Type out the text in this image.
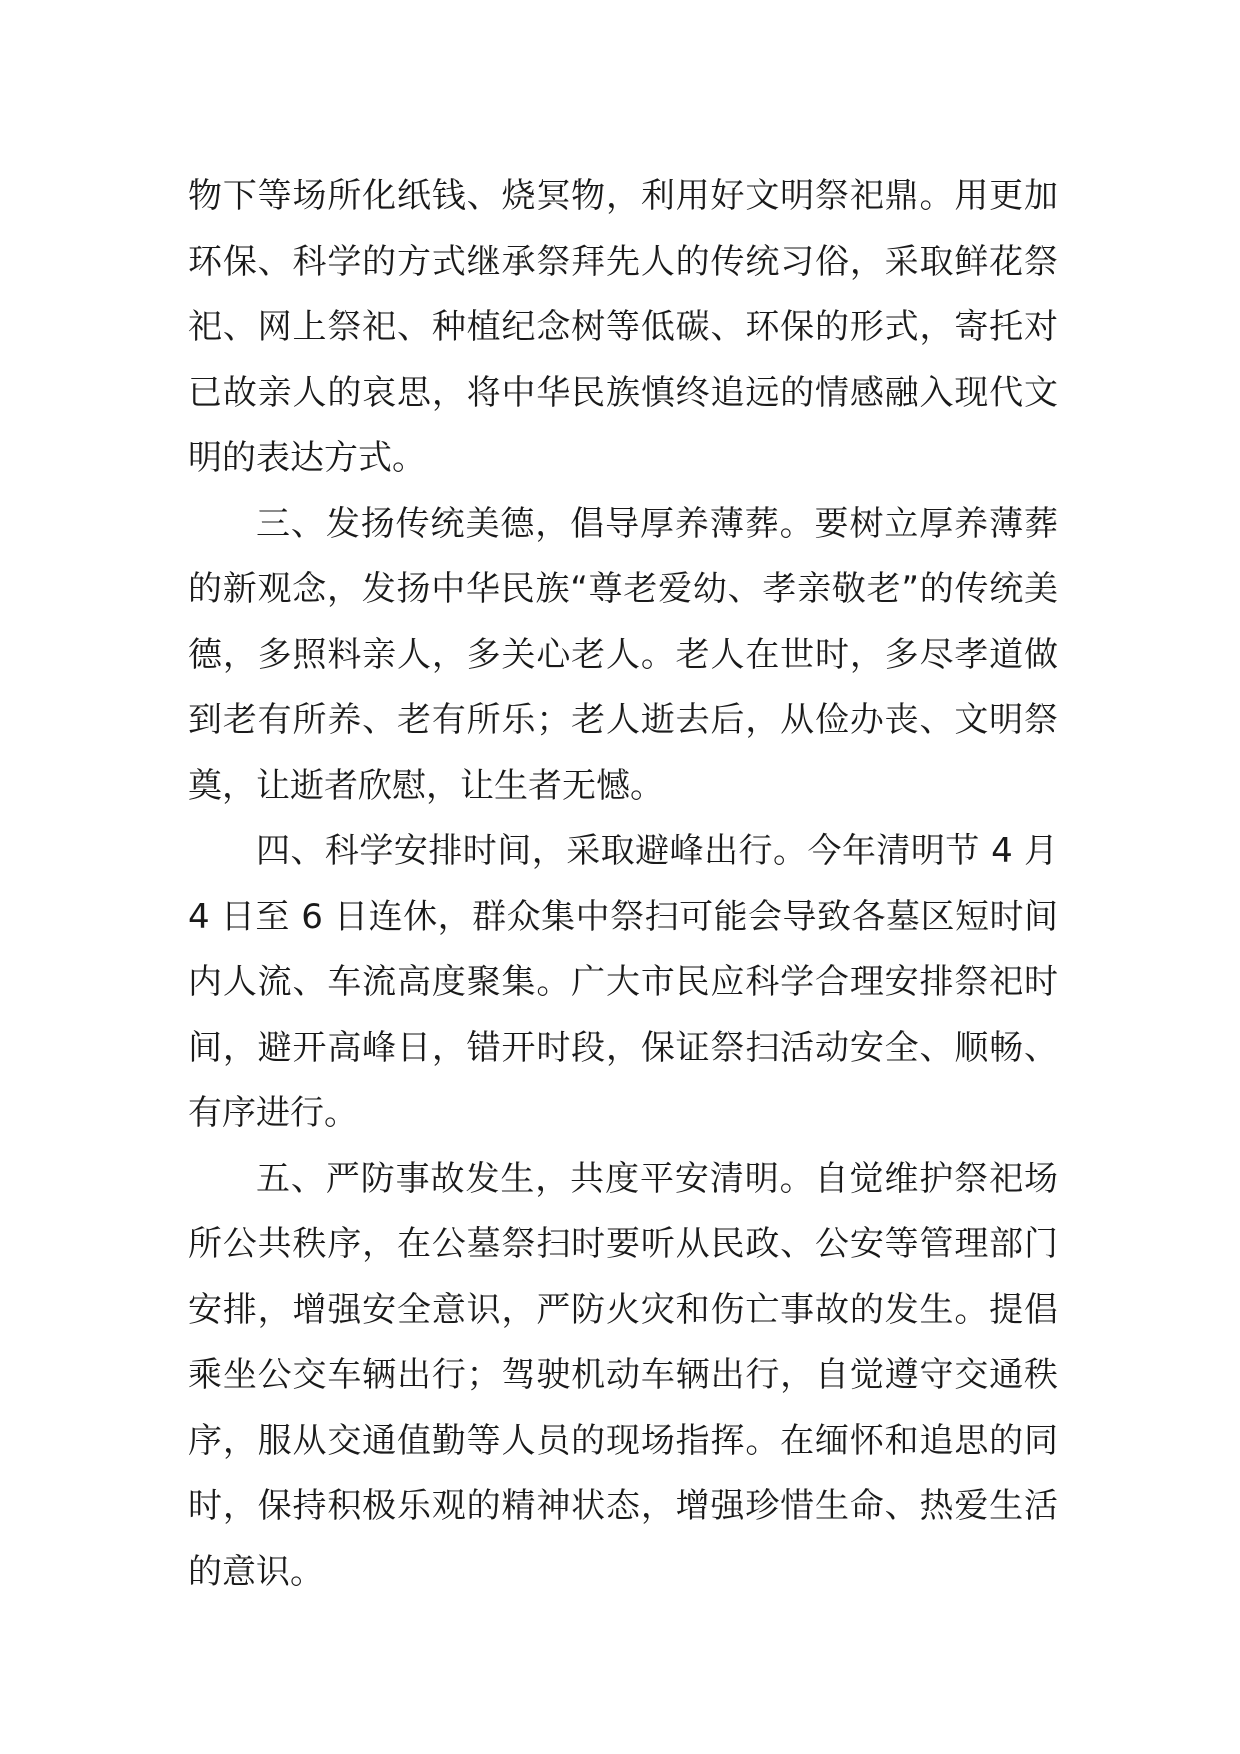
物下等场所化纸钱、烧冥物，利用好文明祭祀鼎。用更加环保、科学的方式继承祭拜先人的传统习俗，采取鲜花祭祀、网上祭祀、种植纪念树等低碳、环保的形式，寄托对已故亲人的哀思，将中华民族慎终追远的情感融入现代文明的表达方式。

三、发扬传统美德，倡导厚养薄葬。要树立厚养薄葬的新观念，发扬中华民族“尊老爱幼、孝亲敬老”的传统美德，多照料亲人，多关心老人。老人在世时，多尽孝道做到老有所养、老有所乐；老人逝去后，从俭办丧、文明祭奠，让逝者欣慰，让生者无憾。

四、科学安排时间，采取避峰出行。今年清明节 4 月 4 日至 6 日连休，群众集中祭扫可能会导致各墓区短时间内人流、车流高度聚集。广大市民应科学合理安排祭祀时间，避开高峰日，错开时段，保证祭扫活动安全、顺畅、有序进行。

五、严防事故发生，共度平安清明。自觉维护祭祀场所公共秩序，在公墓祭扫时要听从民政、公安等管理部门安排，增强安全意识，严防火灾和伤亡事故的发生。提倡乘坐公交车辆出行；驾驶机动车辆出行，自觉遵守交通秩序，服从交通值勤等人员的现场指挥。在缅怀和追思的同时，保持积极乐观的精神状态，增强珍惜生命、热爱生活的意识。
